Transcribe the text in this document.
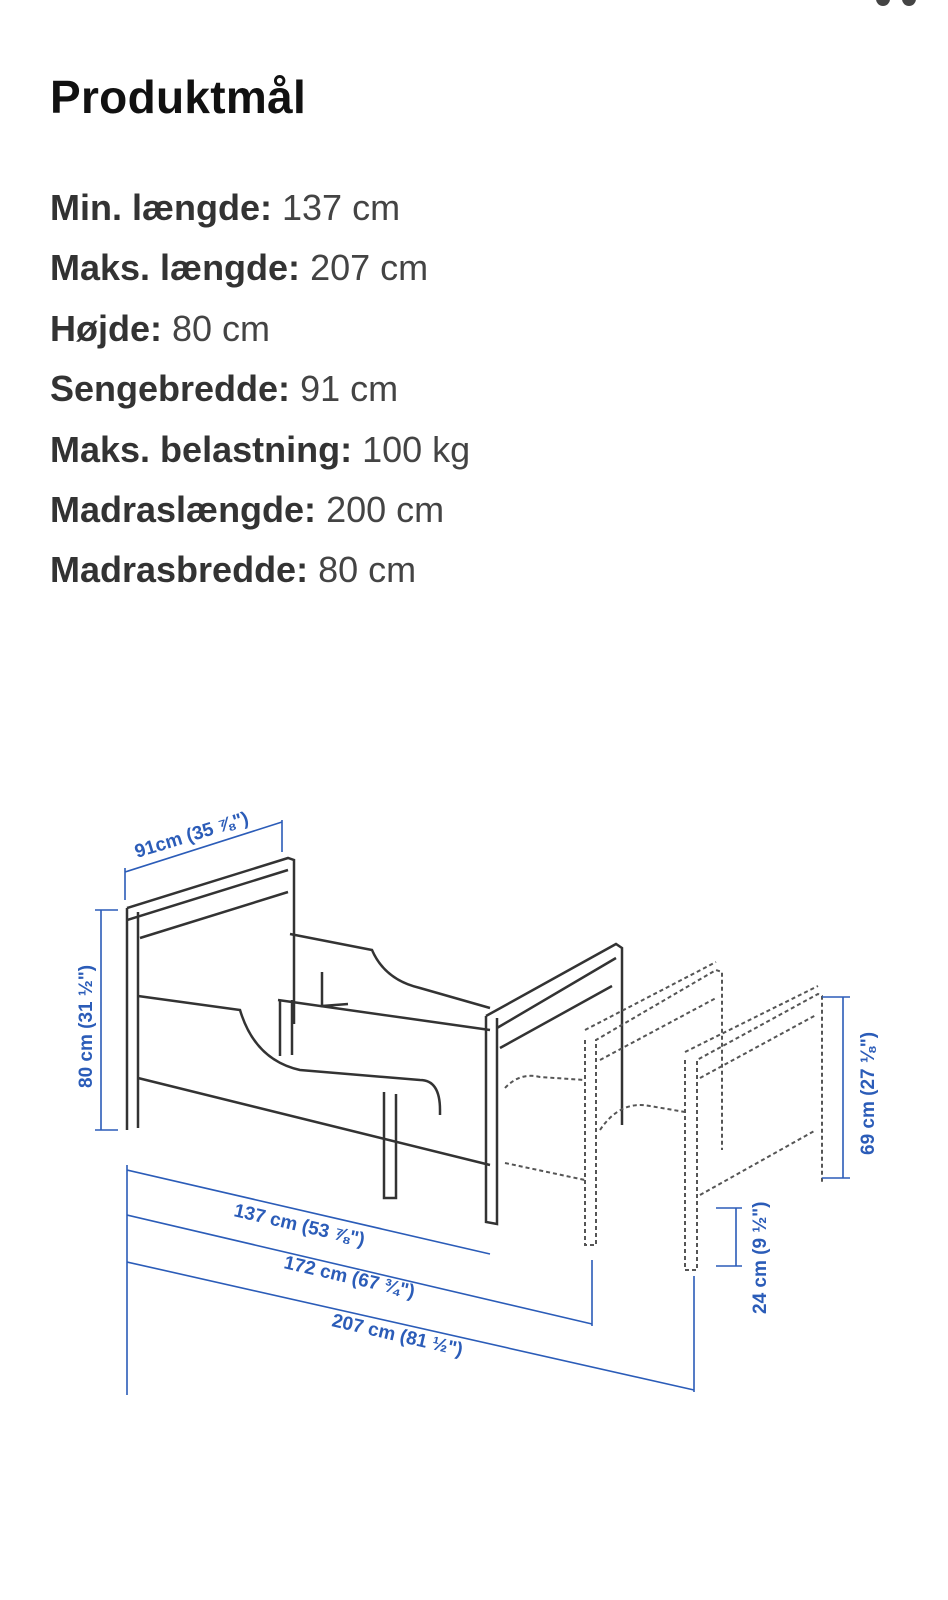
Produktmål
Min. længde: 137 cm
Maks. længde: 207 cm
Højde: 80 cm
Sengebredde: 91 cm
Maks. belastning: 100 kg
Madraslængde: 200 cm
Madrasbredde: 80 cm
91cm (35 ⅞")
80 cm (31 ½")
137 cm (53 ⅞")
172 cm (67 ¾")
207 cm (81 ½")
69 cm (27 ⅛")
24 cm (9 ½")
